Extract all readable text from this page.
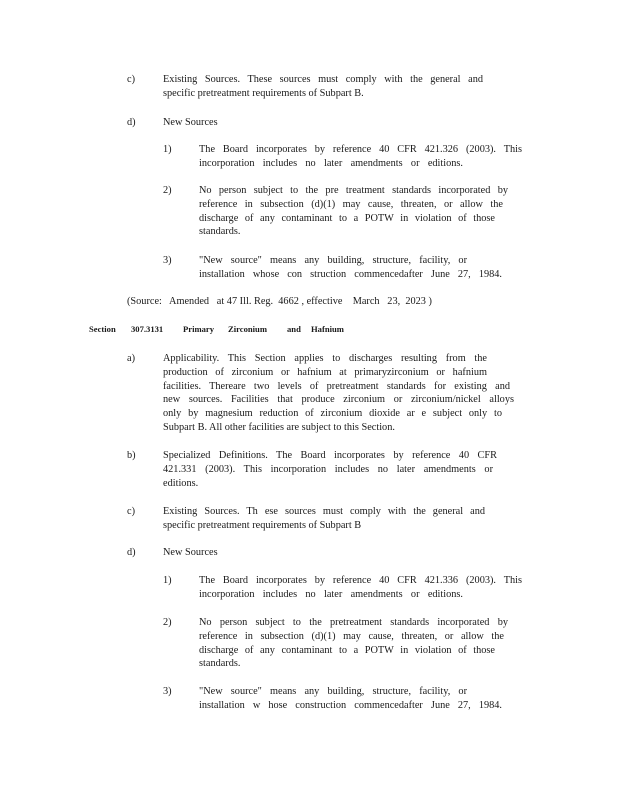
c)	Existing Sources. These sources must comply with the general and
specific pretreatment requirements of Subpart B.
d)	New Sources
1)	The Board incorporates by reference 40 CFR 421.326 (2003). This
incorporation includes no later amendments or editions.
2)	No person subject to the pre treatment standards incorporated by
reference in subsection (d)(1) may cause, threaten, or allow the
discharge of any contaminant to a POTW in violation of those
standards.
3)	"New source" means any building, structure, facility, or
installation whose con struction commencedafter June 27, 1984.
(Source:   Amended   at 47 Ill. Reg.  4662 , effective    March   23,  2023 )
Section 307.3131 Primary Zirconium and Hafnium
a)	Applicability. This Section applies to discharges resulting from the
production of zirconium or hafnium at primaryzirconium or hafnium
facilities. Thereare two levels of pretreatment standards for existing and
new sources. Facilities that produce zirconium or zirconium/nickel alloys
only by magnesium reduction of zirconium dioxide ar e subject only to
Subpart B. All other facilities are subject to this Section.
b)	Specialized Definitions. The Board incorporates by reference 40 CFR
421.331 (2003). This incorporation includes no later amendments or
editions.
c)	Existing Sources. Th ese sources must comply with the general and
specific pretreatment requirements of Subpart B
d)	New Sources
1)	The Board incorporates by reference 40 CFR 421.336 (2003). This
incorporation includes no later amendments or editions.
2)	No person subject to the pretreatment standards incorporated by
reference in subsection (d)(1) may cause, threaten, or allow the
discharge of any contaminant to a POTW in violation of those
standards.
3)	"New source" means any building, structure, facility, or
installation w hose construction commencedafter June 27, 1984.
